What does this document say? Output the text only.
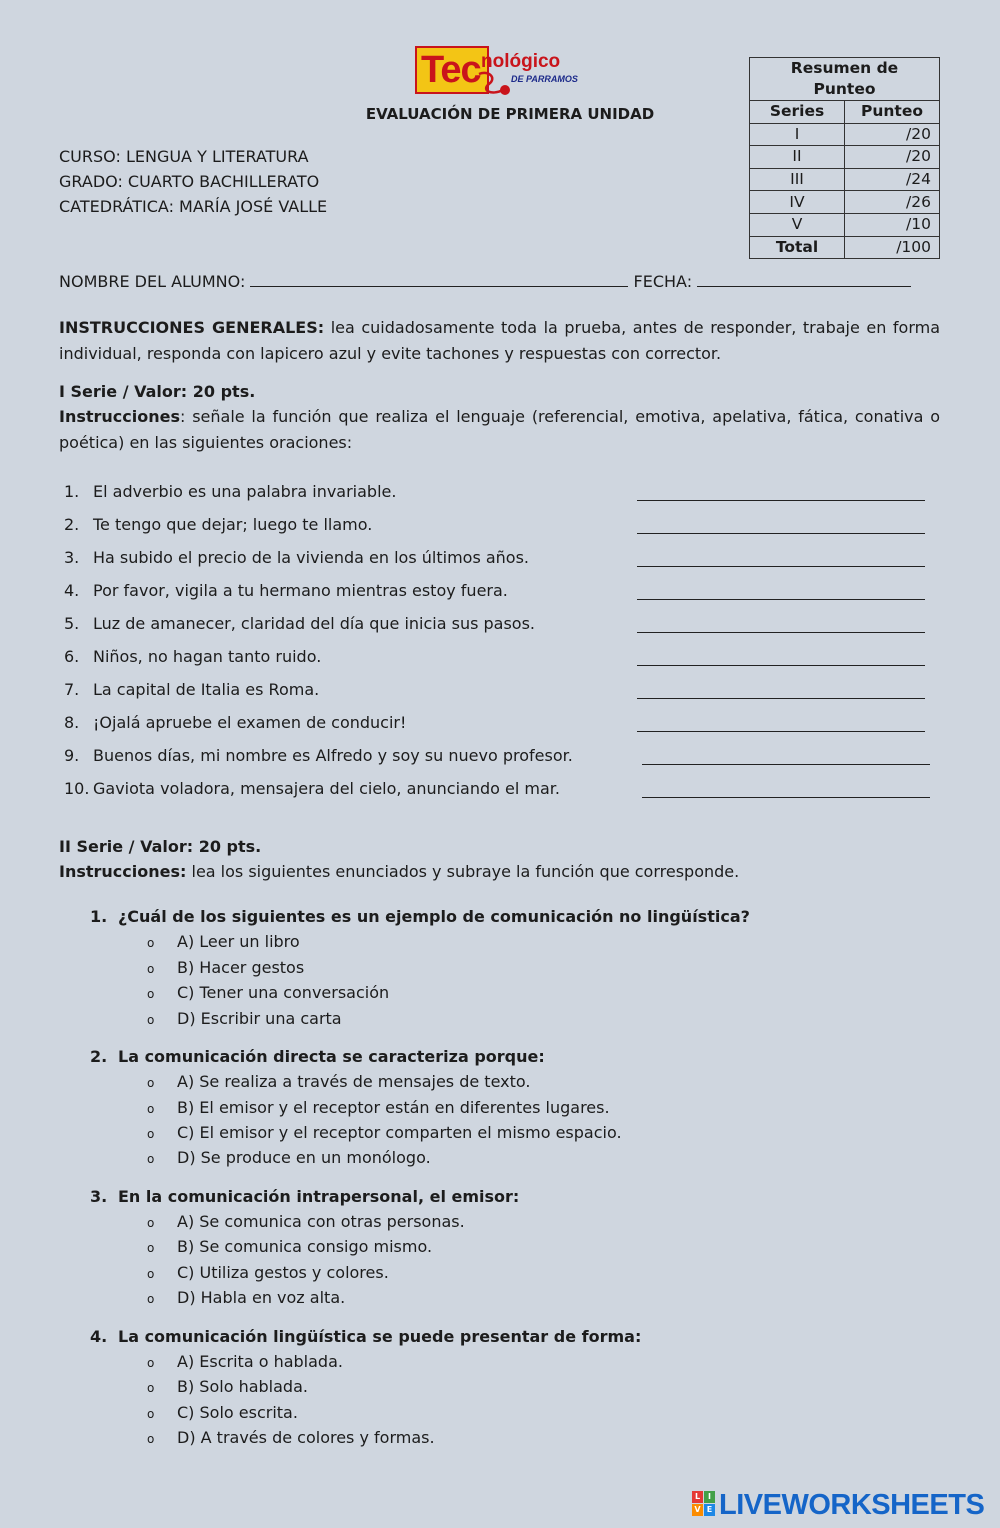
Tec nológico
DE PARRAMOS
EVALUACIÓN DE PRIMERA UNIDAD
CURSO: LENGUA Y LITERATURA
GRADO: CUARTO BACHILLERATO
CATEDRÁTICA: MARÍA JOSÉ VALLE
Resumen de Punteo	
Series	Punteo
I	/20
II	/20
III	/24
IV	/26
V	/10
Total	/100
NOMBRE DEL ALUMNO:	FECHA:
INSTRUCCIONES GENERALES: lea cuidadosamente toda la prueba, antes de responder, trabaje en forma individual, responda con lapicero azul y evite tachones y respuestas con corrector.
I Serie / Valor: 20 pts.
Instrucciones: señale la función que realiza el lenguaje (referencial, emotiva, apelativa, fática, conativa o poética) en las siguientes oraciones:
1. El adverbio es una palabra invariable.
2. Te tengo que dejar; luego te llamo.
3. Ha subido el precio de la vivienda en los últimos años.
4. Por favor, vigila a tu hermano mientras estoy fuera.
5. Luz de amanecer, claridad del día que inicia sus pasos.
6. Niños, no hagan tanto ruido.
7. La capital de Italia es Roma.
8. ¡Ojalá apruebe el examen de conducir!
9. Buenos días, mi nombre es Alfredo y soy su nuevo profesor.
10. Gaviota voladora, mensajera del cielo, anunciando el mar.
II Serie / Valor: 20 pts.
Instrucciones: lea los siguientes enunciados y subraye la función que corresponde.
1. ¿Cuál de los siguientes es un ejemplo de comunicación no lingüística?
o A) Leer un libro
o B) Hacer gestos
o C) Tener una conversación
o D) Escribir una carta
2. La comunicación directa se caracteriza porque:
o A) Se realiza a través de mensajes de texto.
o B) El emisor y el receptor están en diferentes lugares.
o C) El emisor y el receptor comparten el mismo espacio.
o D) Se produce en un monólogo.
3. En la comunicación intrapersonal, el emisor:
o A) Se comunica con otras personas.
o B) Se comunica consigo mismo.
o C) Utiliza gestos y colores.
o D) Habla en voz alta.
4. La comunicación lingüística se puede presentar de forma:
o A) Escrita o hablada.
o B) Solo hablada.
o C) Solo escrita.
o D) A través de colores y formas.
L I
V E LIVEWORKSHEETS
